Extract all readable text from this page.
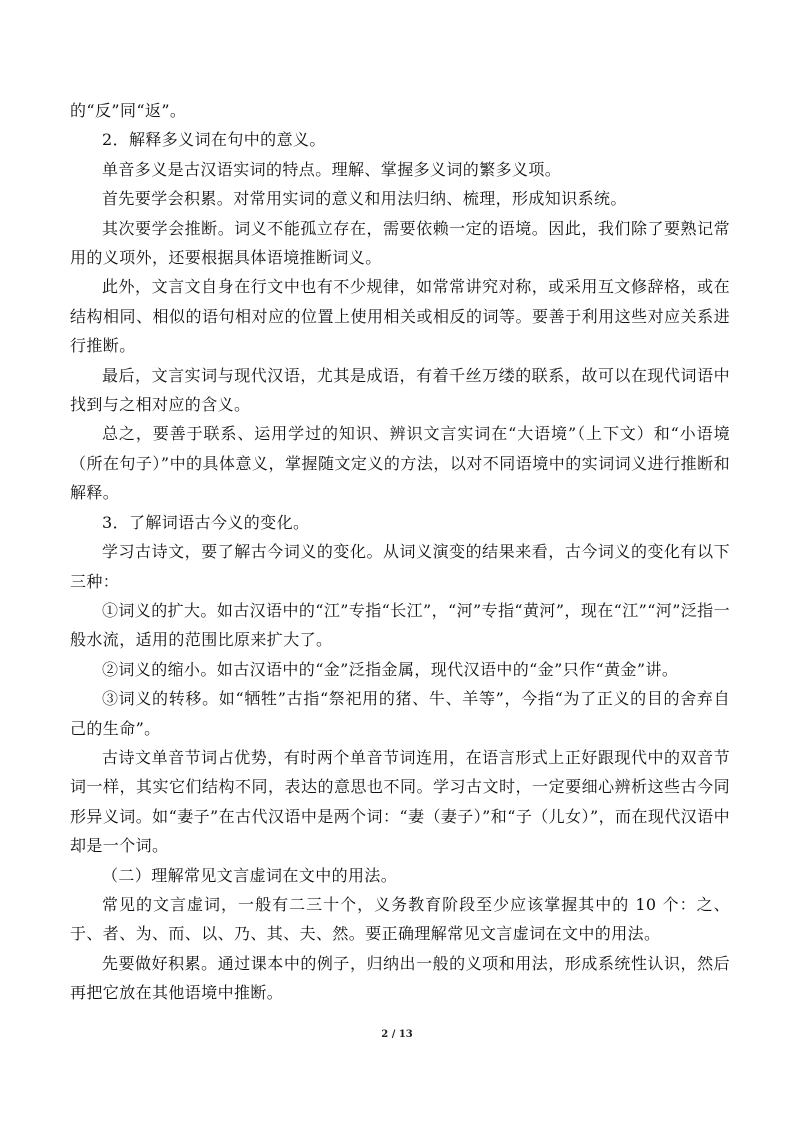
的“反”同“返”。

2．解释多义词在句中的意义。

单音多义是古汉语实词的特点。理解、掌握多义词的繁多义项。

首先要学会积累。对常用实词的意义和用法归纳、梳理，形成知识系统。

其次要学会推断。词义不能孤立存在，需要依赖一定的语境。因此，我们除了要熟记常用的义项外，还要根据具体语境推断词义。

此外，文言文自身在行文中也有不少规律，如常常讲究对称，或采用互文修辞格，或在结构相同、相似的语句相对应的位置上使用相关或相反的词等。要善于利用这些对应关系进行推断。

最后，文言实词与现代汉语，尤其是成语，有着千丝万缕的联系，故可以在现代词语中找到与之相对应的含义。

总之，要善于联系、运用学过的知识、辨识文言实词在“大语境”（上下文）和“小语境（所在句子）”中的具体意义，掌握随文定义的方法，以对不同语境中的实词词义进行推断和解释。

3．了解词语古今义的变化。

学习古诗文，要了解古今词义的变化。从词义演变的结果来看，古今词义的变化有以下三种：

①词义的扩大。如古汉语中的“江”专指“长江”，“河”专指“黄河”，现在“江”“河”泛指一般水流，适用的范围比原来扩大了。

②词义的缩小。如古汉语中的“金”泛指金属，现代汉语中的“金”只作“黄金”讲。

③词义的转移。如“牺牲”古指“祭祀用的猪、牛、羊等”，今指“为了正义的目的舍弃自己的生命”。

古诗文单音节词占优势，有时两个单音节词连用，在语言形式上正好跟现代中的双音节词一样，其实它们结构不同，表达的意思也不同。学习古文时，一定要细心辨析这些古今同形异义词。如“妻子”在古代汉语中是两个词：“妻（妻子）”和“子（儿女）”，而在现代汉语中却是一个词。

（二）理解常见文言虚词在文中的用法。

常见的文言虚词，一般有二三十个，义务教育阶段至少应该掌握其中的 10 个：之、于、者、为、而、以、乃、其、夫、然。要正确理解常见文言虚词在文中的用法。

先要做好积累。通过课本中的例子，归纳出一般的义项和用法，形成系统性认识，然后再把它放在其他语境中推断。

2 / 13
